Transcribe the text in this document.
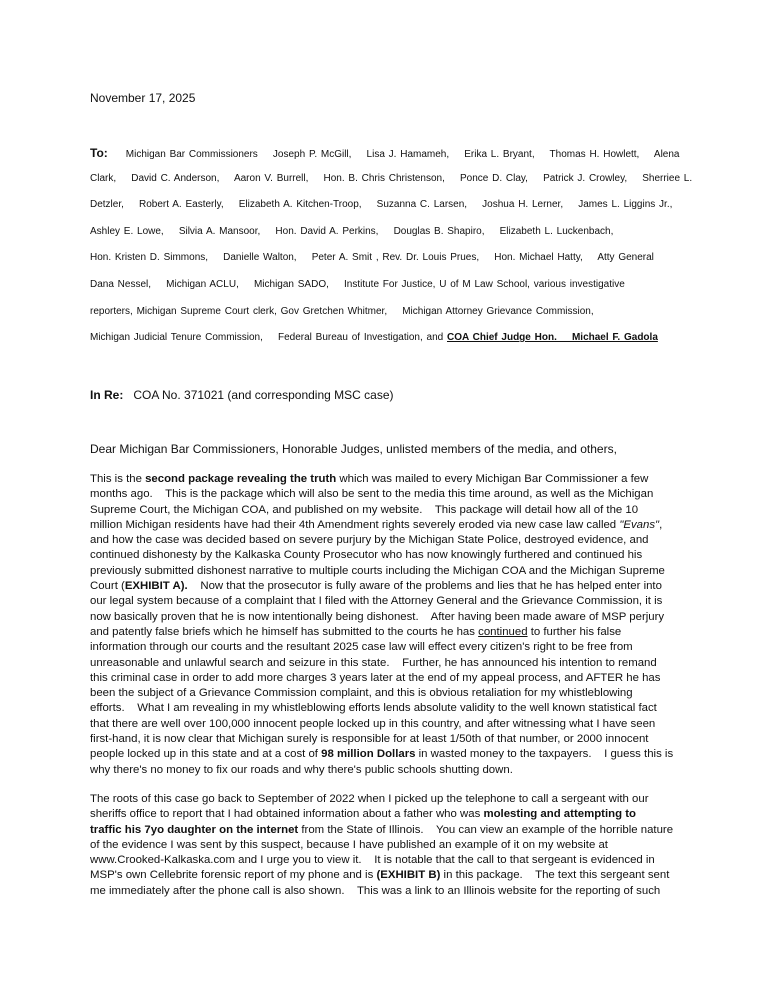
November 17, 2025
To: Michigan Bar Commissioners    Joseph P. McGill,    Lisa J. Hamameh,    Erika L. Bryant,    Thomas H. Howlett,    Alena
Clark,    David C. Anderson,    Aaron V. Burrell,    Hon. B. Chris Christenson,    Ponce D. Clay,    Patrick J. Crowley,    Sherriee L.
Detzler,    Robert A. Easterly,    Elizabeth A. Kitchen-Troop,    Suzanna C. Larsen,    Joshua H. Lerner,    James L. Liggins Jr.,
Ashley E. Lowe,    Silvia A. Mansoor,    Hon. David A. Perkins,    Douglas B. Shapiro,    Elizabeth L. Luckenbach,
Hon. Kristen D. Simmons,    Danielle Walton,    Peter A. Smit , Rev. Dr. Louis Prues,    Hon. Michael Hatty,    Atty General
Dana Nessel,    Michigan ACLU,    Michigan SADO,    Institute For Justice, U of M Law School, various investigative
reporters, Michigan Supreme Court clerk, Gov Gretchen Whitmer,    Michigan Attorney Grievance Commission,
Michigan Judicial Tenure Commission,    Federal Bureau of Investigation, and COA Chief Judge Hon.    Michael F. Gadola
In Re: COA No. 371021 (and corresponding MSC case)
Dear Michigan Bar Commissioners, Honorable Judges, unlisted members of the media, and others,
This is the second package revealing the truth which was mailed to every Michigan Bar Commissioner a few
months ago.    This is the package which will also be sent to the media this time around, as well as the Michigan
Supreme Court, the Michigan COA, and published on my website.    This package will detail how all of the 10
million Michigan residents have had their 4th Amendment rights severely eroded via new case law called "Evans",
and how the case was decided based on severe purjury by the Michigan State Police, destroyed evidence, and
continued dishonesty by the Kalkaska County Prosecutor who has now knowingly furthered and continued his
previously submitted dishonest narrative to multiple courts including the Michigan COA and the Michigan Supreme
Court (EXHIBIT A).    Now that the prosecutor is fully aware of the problems and lies that he has helped enter into
our legal system because of a complaint that I filed with the Attorney General and the Grievance Commission, it is
now basically proven that he is now intentionally being dishonest.    After having been made aware of MSP perjury
and patently false briefs which he himself has submitted to the courts he has continued to further his false
information through our courts and the resultant 2025 case law will effect every citizen's right to be free from
unreasonable and unlawful search and seizure in this state.    Further, he has announced his intention to remand
this criminal case in order to add more charges 3 years later at the end of my appeal process, and AFTER he has
been the subject of a Grievance Commission complaint, and this is obvious retaliation for my whistleblowing
efforts.    What I am revealing in my whistleblowing efforts lends absolute validity to the well known statistical fact
that there are well over 100,000 innocent people locked up in this country, and after witnessing what I have seen
first-hand, it is now clear that Michigan surely is responsible for at least 1/50th of that number, or 2000 innocent
people locked up in this state and at a cost of 98 million Dollars in wasted money to the taxpayers.    I guess this is
why there's no money to fix our roads and why there's public schools shutting down.
The roots of this case go back to September of 2022 when I picked up the telephone to call a sergeant with our
sheriffs office to report that I had obtained information about a father who was molesting and attempting to
traffic his 7yo daughter on the internet from the State of Illinois.    You can view an example of the horrible nature
of the evidence I was sent by this suspect, because I have published an example of it on my website at
www.Crooked-Kalkaska.com and I urge you to view it.    It is notable that the call to that sergeant is evidenced in
MSP's own Cellebrite forensic report of my phone and is (EXHIBIT B) in this package.    The text this sergeant sent
me immediately after the phone call is also shown.    This was a link to an Illinois website for the reporting of such
